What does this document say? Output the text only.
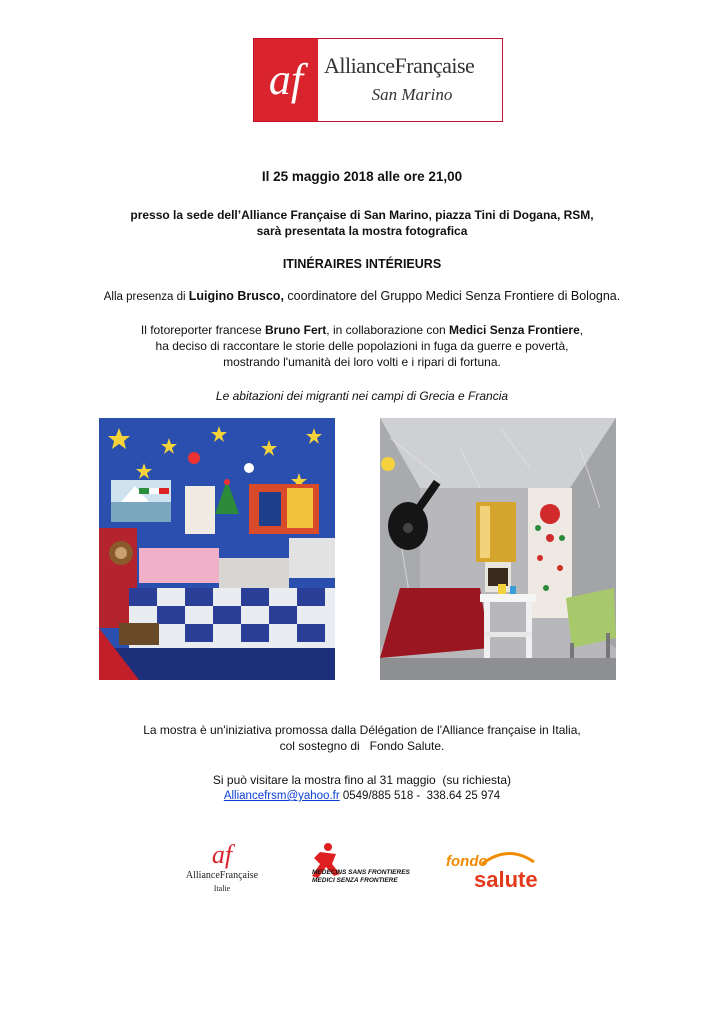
af AllianceFrançaise
San Marino
Il 25 maggio 2018 alle ore 21,00
presso la sede dell’Alliance Française di San Marino, piazza Tini di Dogana, RSM,
sarà presentata la mostra fotografica
ITINÉRAIRES INTÉRIEURS
Alla presenza di Luigino Brusco, coordinatore del Gruppo Medici Senza Frontiere di Bologna.
Il fotoreporter francese Bruno Fert, in collaborazione con Medici Senza Frontiere,
ha deciso di raccontare le storie delle popolazioni in fuga da guerre e povertà,
mostrando l'umanità dei loro volti e i ripari di fortuna.
Le abitazioni dei migranti nei campi di Grecia e Francia
La mostra è un'iniziativa promossa dalla Délégation de l'Alliance française in Italia,
col sostegno di   Fondo Salute.
Si può visitare la mostra fino al 31 maggio  (su richiesta)
Alliancefrsm@yahoo.fr 0549/885 518 -  338.64 25 974
af
AllianceFrançaise
Italie
MEDECINS SANS FRONTIERES
MEDICI SENZA FRONTIERE
fondo
salute
